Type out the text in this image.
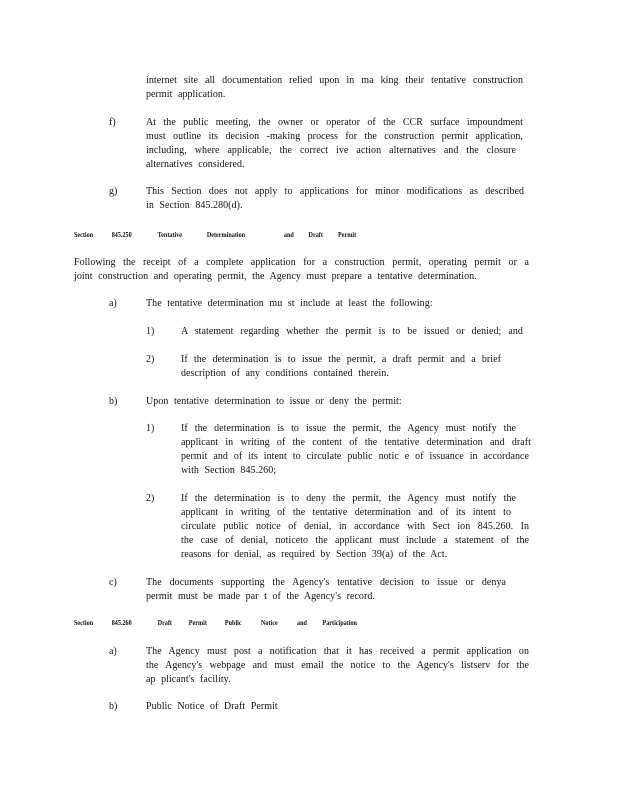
internet site all documentation relied upon in ma king their tentative construction
permit application.
f)	At the public meeting, the owner or operator of the CCR surface impoundment
must outline its decision -making process for the construction permit application,
including, where applicable, the correct ive action alternatives and the closure
alternatives considered.
g)	This Section does not apply to applications for minor modifications as described
in Section 845.280(d).
Section 845.250	Tentative	Determination	and Draft Permit
Following the receipt of a complete application for a construction permit, operating permit or a
joint construction and operating permit, the Agency must prepare a tentative determination.
a)	The tentative determination mu st include at least the following:
1)	A statement regarding whether the permit is to be issued or denied; and
2)	If the determination is to issue the permit, a draft permit and a brief
description of any conditions contained therein.
b)	Upon tentative determination to issue or deny the permit:
1)	If the determination is to issue the permit, the Agency must notify the
applicant in writing of the content of the tentative determination and draft
permit and of its intent to circulate public notic e of issuance in accordance
with Section 845.260;
2)	If the determination is to deny the permit, the Agency must notify the
applicant in writing of the tentative determination and of its intent to
circulate public notice of denial, in accordance with Sect ion 845.260. In
the case of denial, noticeto the applicant must include a statement of the
reasons for denial, as required by Section 39(a) of the Act.
c)	The documents supporting the Agency's tentative decision to issue or denya
permit must be made par t of the Agency's record.
Section 845.260	Draft Permit Public	Notice	and Participation
a)	The Agency must post a notification that it has received a permit application on
the Agency's webpage and must email the notice to the Agency's listserv for the
ap plicant's facility.
b)	Public Notice of Draft Permit
